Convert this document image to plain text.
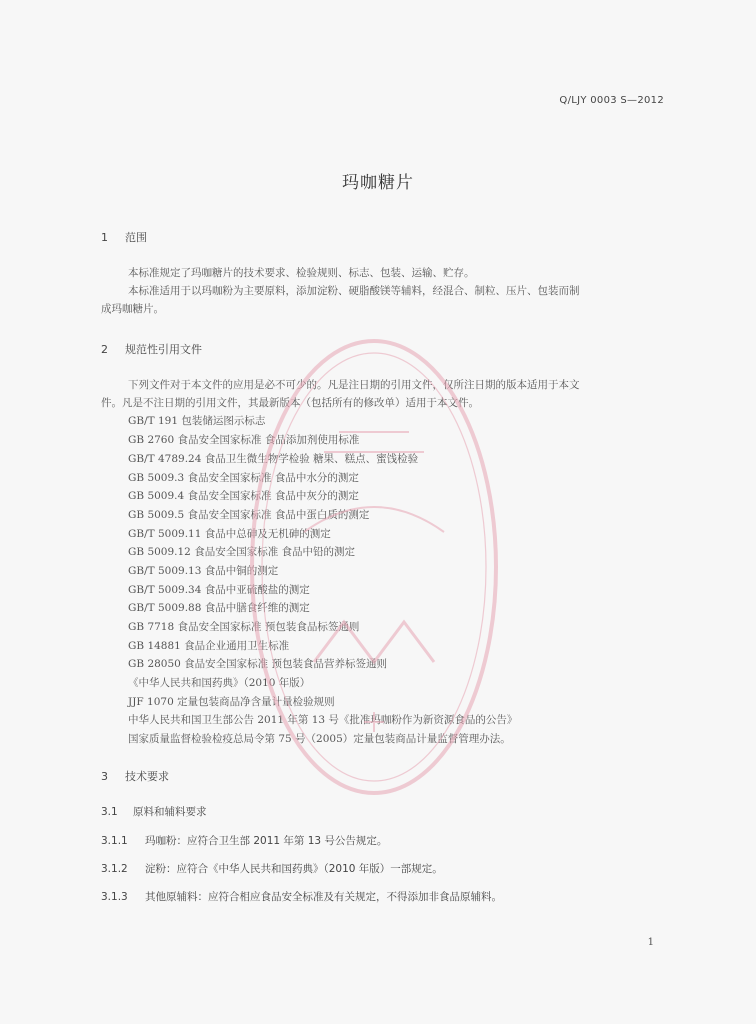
Q/LJY 0003 S—2012
玛咖糖片
1 范围
本标准规定了玛咖糖片的技术要求、检验规则、标志、包装、运输、贮存。
本标准适用于以玛咖粉为主要原料，添加淀粉、硬脂酸镁等辅料，经混合、制粒、压片、包装而制
成玛咖糖片。
2 规范性引用文件
下列文件对于本文件的应用是必不可少的。凡是注日期的引用文件，仅所注日期的版本适用于本文
件。凡是不注日期的引用文件，其最新版本（包括所有的修改单）适用于本文件。
GB/T 191 包装储运图示标志
GB 2760 食品安全国家标准 食品添加剂使用标准
GB/T 4789.24 食品卫生微生物学检验 糖果、糕点、蜜饯检验
GB 5009.3 食品安全国家标准 食品中水分的测定
GB 5009.4 食品安全国家标准 食品中灰分的测定
GB 5009.5 食品安全国家标准 食品中蛋白质的测定
GB/T 5009.11 食品中总砷及无机砷的测定
GB 5009.12 食品安全国家标准 食品中铅的测定
GB/T 5009.13 食品中铜的测定
GB/T 5009.34 食品中亚硫酸盐的测定
GB/T 5009.88 食品中膳食纤维的测定
GB 7718 食品安全国家标准 预包装食品标签通则
GB 14881 食品企业通用卫生标准
GB 28050 食品安全国家标准 预包装食品营养标签通则
《中华人民共和国药典》（2010 年版）
JJF 1070 定量包装商品净含量计量检验规则
中华人民共和国卫生部公告 2011 年第 13 号《批准玛咖粉作为新资源食品的公告》
国家质量监督检验检疫总局令第 75 号（2005）定量包装商品计量监督管理办法。
3 技术要求
3.1 原料和辅料要求
3.1.1 玛咖粉：应符合卫生部 2011 年第 13 号公告规定。
3.1.2 淀粉：应符合《中华人民共和国药典》（2010 年版）一部规定。
3.1.3 其他原辅料：应符合相应食品安全标准及有关规定，不得添加非食品原辅料。
1
